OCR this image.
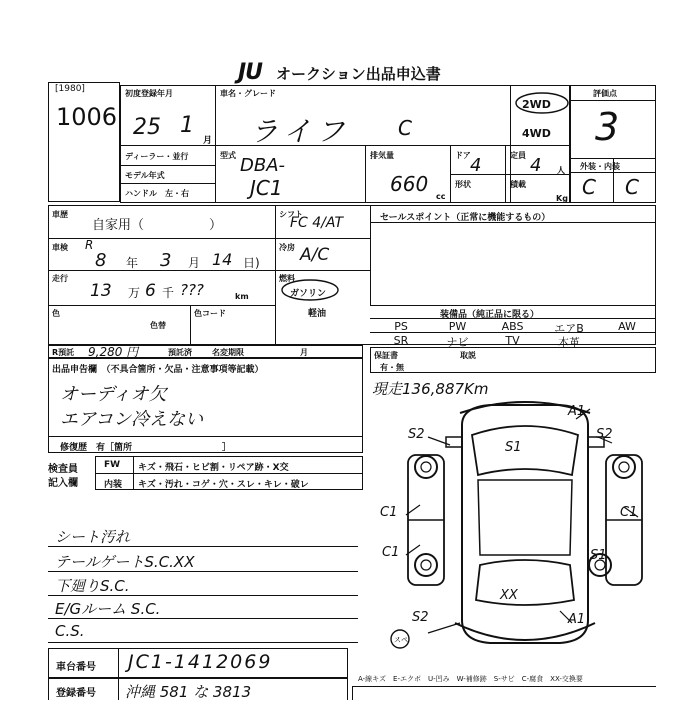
JU オークション出品申込書
[1980]
1006
初度登録年月
25 1
月
車名・グレード
ライフ C
ディーラー・並行
モデル年式
ハンドル　左・右
型式 DBA-
JC1
排気量
660
cc
ドア 4
形状
定員 4 人
積載
Kg
2WD
4WD
評価点
3
外装・内装
C C
車歴
自家用（　　　　　）
シフト
FC 4/AT	セールスポイント（正常に機能するもの）
車検 R
8 年 3 月 14 日)
冷房 A/C
走行
13 万 6 千 ???	km
燃料
ガソリン
軽油
色
色替
色コード	装備品（純正品に限る）
PS	PW	ABS	エアB	AW
SR	ナビ	TV	本革
R預託 9,280 円	預託済	名変期限	月	保証書
有・無
取説
出品申告欄　（不具合箇所・欠品・注意事項等記載）
オーディオ欠
エアコン冷えない
修復歴　有［箇所　　　　　　　　　　］
検査員
記入欄
FW キズ・飛石・ヒビ割・リペア跡・X交
内装 キズ・汚れ・コゲ・穴・スレ・キレ・破レ
シート汚れ
テールゲートS.C.XX
下廻りS.C.
E/Gルーム S.C.
C.S.
現走136,887Km
A1
S2	S2
S1
C1
C1
C1
S1
XX
A1
S2
スペ
車台番号 JC1-1412069
登録番号 沖縄 581 な 3813
A-線キズ　E-エクボ　U-凹み　W-補修跡　S-サビ　C-腐食　XX-交換要
